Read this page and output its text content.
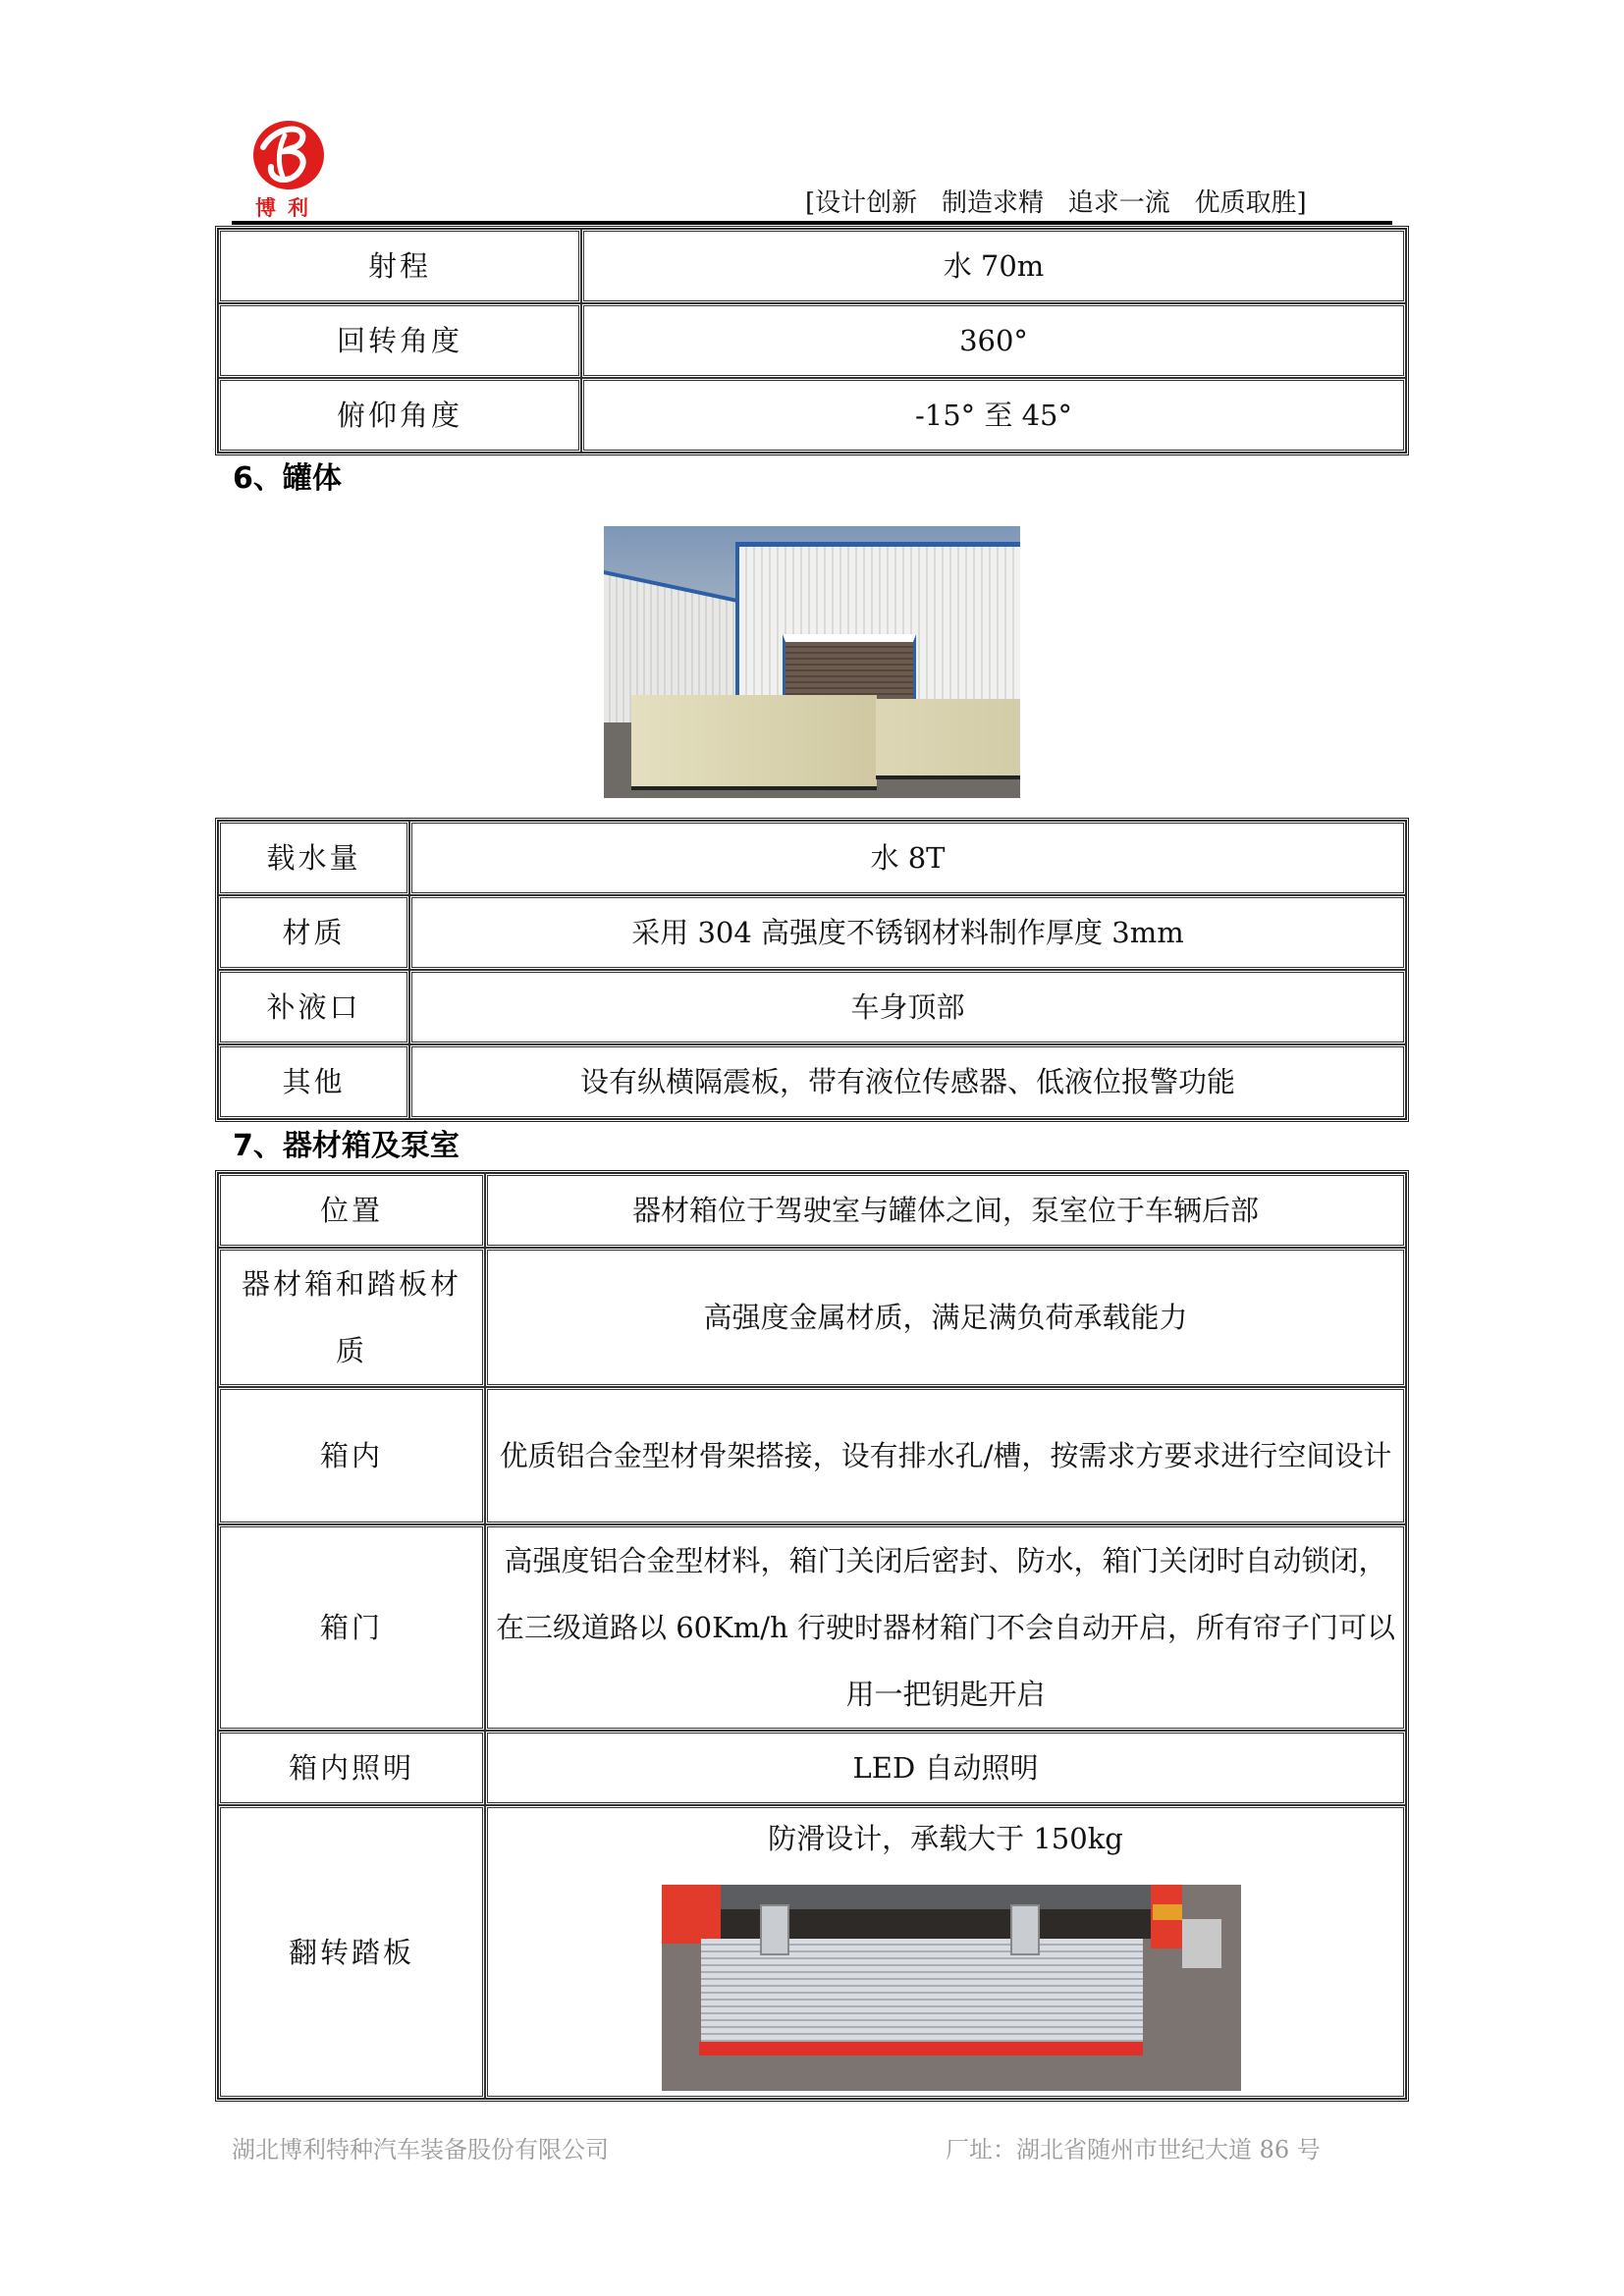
博利	[设计创新   制造求精   追求一流   优质取胜]
射程	水 70m
回转角度	360°
俯仰角度	-15° 至 45°
6、罐体
载水量	水 8T
材质	采用 304 高强度不锈钢材料制作厚度 3mm
补液口	车身顶部
其他	设有纵横隔震板，带有液位传感器、低液位报警功能
7、器材箱及泵室
位置	器材箱位于驾驶室与罐体之间，泵室位于车辆后部
器材箱和踏板材质	高强度金属材质，满足满负荷承载能力
箱内	优质铝合金型材骨架搭接，设有排水孔/槽，按需求方要求进行空间设计
箱门	高强度铝合金型材料，箱门关闭后密封、防水，箱门关闭时自动锁闭，在三级道路以 60Km/h 行驶时器材箱门不会自动开启，所有帘子门可以用一把钥匙开启
箱内照明	LED 自动照明
翻转踏板	防滑设计，承载大于 150kg
湖北博利特种汽车装备股份有限公司	厂址：湖北省随州市世纪大道 86 号
